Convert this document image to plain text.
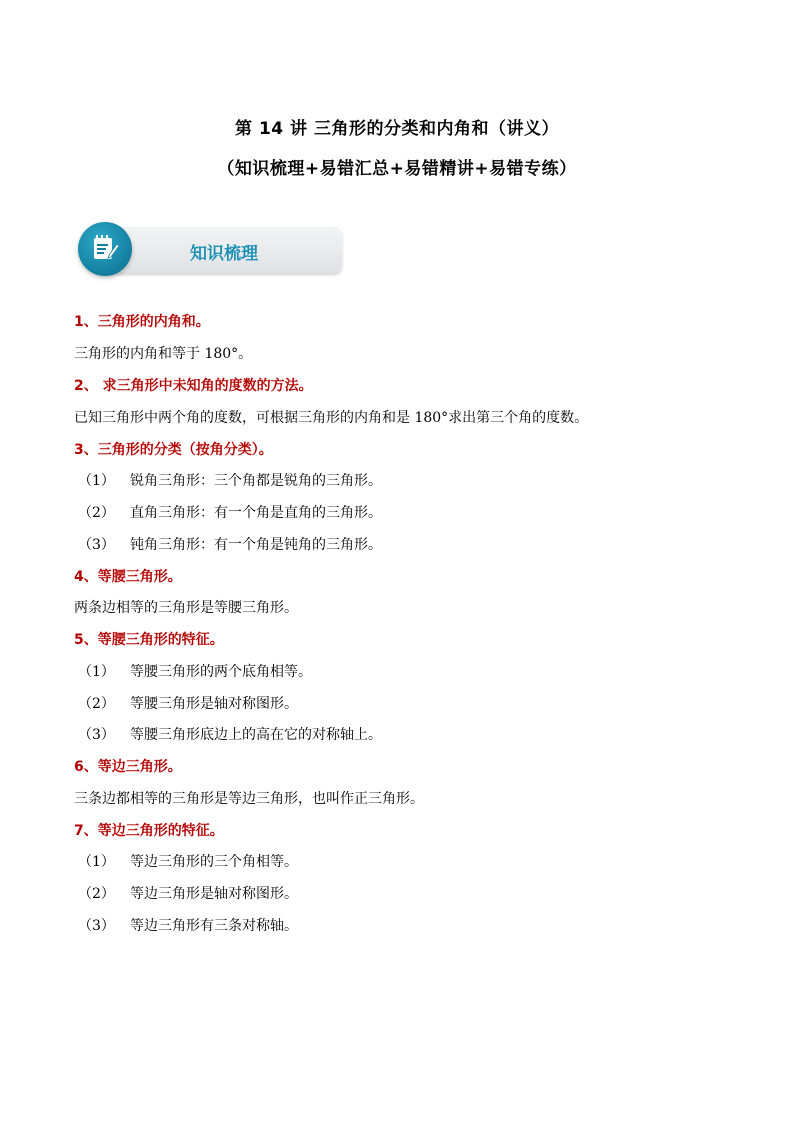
第 14 讲 三角形的分类和内角和（讲义）
（知识梳理+易错汇总+易错精讲+易错专练）
知识梳理
1、三角形的内角和。
三角形的内角和等于 180°。
2、 求三角形中未知角的度数的方法。
已知三角形中两个角的度数，可根据三角形的内角和是 180°求出第三个角的度数。
3、三角形的分类（按角分类）。
（1） 锐角三角形：三个角都是锐角的三角形。
（2） 直角三角形：有一个角是直角的三角形。
（3） 钝角三角形：有一个角是钝角的三角形。
4、等腰三角形。
两条边相等的三角形是等腰三角形。
5、等腰三角形的特征。
（1） 等腰三角形的两个底角相等。
（2） 等腰三角形是轴对称图形。
（3） 等腰三角形底边上的高在它的对称轴上。
6、等边三角形。
三条边都相等的三角形是等边三角形，也叫作正三角形。
7、等边三角形的特征。
（1） 等边三角形的三个角相等。
（2） 等边三角形是轴对称图形。
（3） 等边三角形有三条对称轴。
